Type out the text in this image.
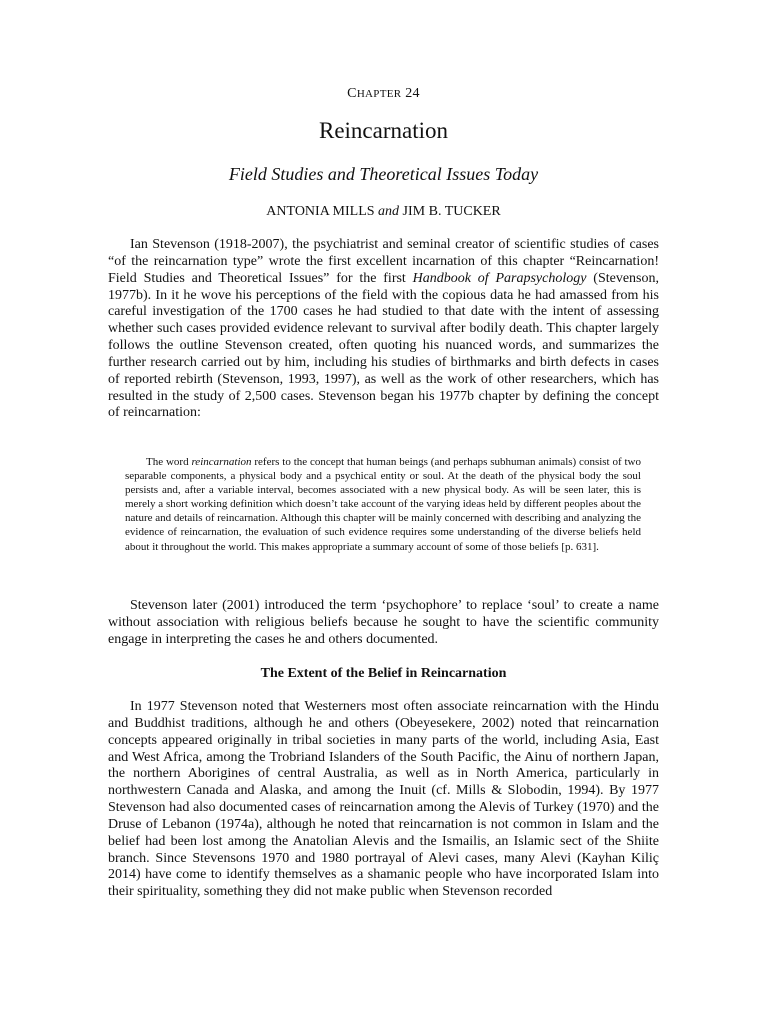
CHAPTER 24
Reincarnation
Field Studies and Theoretical Issues Today
ANTONIA MILLS and JIM B. TUCKER

Ian Stevenson (1918-2007), the psychiatrist and seminal creator of scientific studies of cases “of the reincarnation type” wrote the first excellent incarnation of this chapter “Reincarnation! Field Studies and Theoretical Issues” for the first Handbook of Parapsychology (Stevenson, 1977b). In it he wove his perceptions of the field with the copious data he had amassed from his careful investigation of the 1700 cases he had studied to that date with the intent of assessing whether such cases provided evidence relevant to survival after bodily death. This chapter largely follows the outline Stevenson created, often quoting his nuanced words, and summarizes the further research carried out by him, including his studies of birthmarks and birth defects in cases of reported rebirth (Stevenson, 1993, 1997), as well as the work of other researchers, which has resulted in the study of 2,500 cases. Stevenson began his 1977b chapter by defining the concept of reincarnation:

The word reincarnation refers to the concept that human beings (and perhaps subhuman animals) consist of two separable components, a physical body and a psychical entity or soul. At the death of the physical body the soul persists and, after a variable interval, becomes associated with a new physical body. As will be seen later, this is merely a short working definition which doesn’t take account of the varying ideas held by different peoples about the nature and details of reincarnation. Although this chapter will be mainly concerned with describing and analyzing the evidence of reincarnation, the evaluation of such evidence requires some understanding of the diverse beliefs held about it throughout the world. This makes appropriate a summary account of some of those beliefs [p. 631].

Stevenson later (2001) introduced the term ‘psychophore’ to replace ‘soul’ to create a name without association with religious beliefs because he sought to have the scientific community engage in interpreting the cases he and others documented.

The Extent of the Belief in Reincarnation

In 1977 Stevenson noted that Westerners most often associate reincarnation with the Hindu and Buddhist traditions, although he and others (Obeyesekere, 2002) noted that reincarnation concepts appeared originally in tribal societies in many parts of the world, including Asia, East and West Africa, among the Trobriand Islanders of the South Pacific, the Ainu of northern Japan, the northern Aborigines of central Australia, as well as in North America, particularly in northwestern Canada and Alaska, and among the Inuit (cf. Mills & Slobodin, 1994). By 1977 Stevenson had also documented cases of reincarnation among the Alevis of Turkey (1970) and the Druse of Lebanon (1974a), although he noted that reincarnation is not common in Islam and the belief had been lost among the Anatolian Alevis and the Ismailis, an Islamic sect of the Shiite branch. Since Stevensons 1970 and 1980 portrayal of Alevi cases, many Alevi (Kayhan Kiliç 2014) have come to identify themselves as a shamanic people who have incorporated Islam into their spirituality, something they did not make public when Stevenson recorded
